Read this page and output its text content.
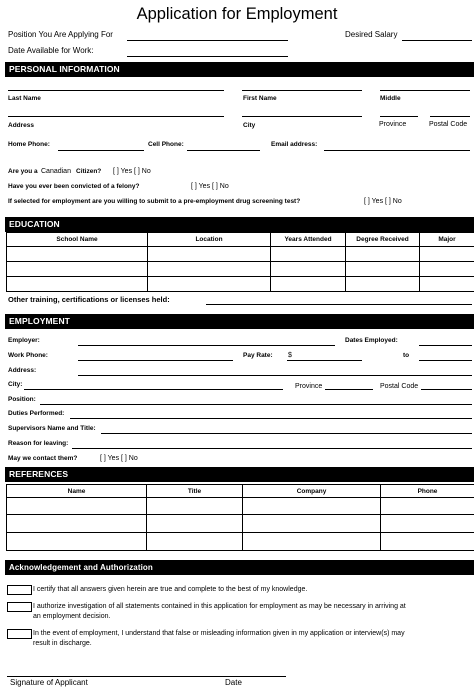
Application for Employment
Position You Are Applying For	Desired Salary
Date Available for Work:
PERSONAL INFORMATION
Last Name	First Name	Middle
Address	City	Province	Postal Code
Home Phone:	Cell Phone:	Email address:
Are you a Canadian Citizen? [ ] Yes [ ] No
Have you ever been convicted of a felony?	[ ] Yes [ ] No
If selected for employment are you willing to submit to a pre-employment drug screening test?	[ ] Yes [ ] No
EDUCATION
School Name	Location	Years Attended	Degree Received	Major

Other training, certifications or licenses held:
EMPLOYMENT
Employer:	Dates Employed:
Work Phone:	Pay Rate: $	to
Address:
City:	Province	Postal Code
Position:
Duties Performed:
Supervisors Name and Title:
Reason for leaving:
May we contact them?	[ ] Yes [ ] No
REFERENCES
Name	Title	Company	Phone

Acknowledgement and Authorization
I certify that all answers given herein are true and complete to the best of my knowledge.
I authorize investigation of all statements contained in this application for employment as may be necessary in arriving at
an employment decision.
In the event of employment, I understand that false or misleading information given in my application or interview(s) may
result in discharge.
Signature of Applicant	Date
